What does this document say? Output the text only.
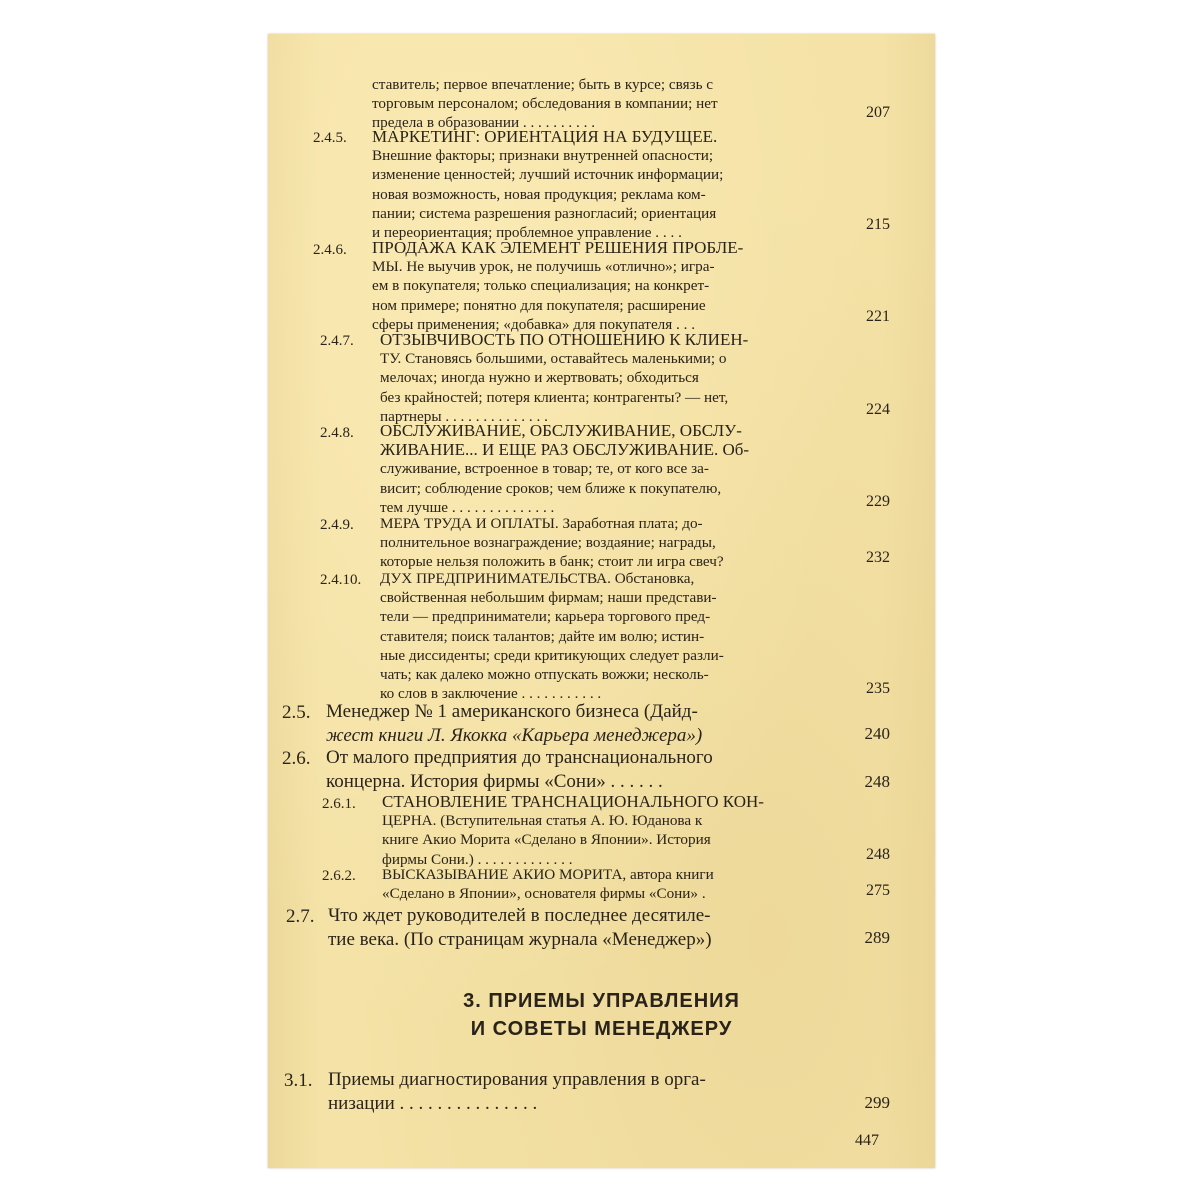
ставитель; первое впечатление; быть в курсе; связь с
торговым персоналом; обследования в компании; нет
предела в образовании . . . . . . . . . .
207
2.4.5. МАРКЕТИНГ: ОРИЕНТАЦИЯ НА БУДУЩЕЕ.
Внешние факторы; признаки внутренней опасности;
изменение ценностей; лучший источник информации;
новая возможность, новая продукция; реклама ком-
пании; система разрешения разногласий; ориентация
и переориентация; проблемное управление . . . .	215
2.4.6. ПРОДАЖА КАК ЭЛЕМЕНТ РЕШЕНИЯ ПРОБЛЕ-
МЫ. Не выучив урок, не получишь «отлично»; игра-
ем в покупателя; только специализация; на конкрет-
ном примере; понятно для покупателя; расширение
сферы применения; «добавка» для покупателя . . .	221
2.4.7. ОТЗЫВЧИВОСТЬ ПО ОТНОШЕНИЮ К КЛИЕН-
ТУ. Становясь большими, оставайтесь маленькими; о
мелочах; иногда нужно и жертвовать; обходиться
без крайностей; потеря клиента; контрагенты? — нет,
партнеры . . . . . . . . . . . . . .	224
2.4.8. ОБСЛУЖИВАНИЕ, ОБСЛУЖИВАНИЕ, ОБСЛУ-
ЖИВАНИЕ... И ЕЩЕ РАЗ ОБСЛУЖИВАНИЕ. Об-
служивание, встроенное в товар; те, от кого все за-
висит; соблюдение сроков; чем ближе к покупателю,
тем лучше . . . . . . . . . . . . . .	229
2.4.9. МЕРА ТРУДА И ОПЛАТЫ. Заработная плата; до-
полнительное вознаграждение; воздаяние; награды,
которые нельзя положить в банк; стоит ли игра свеч?	232
2.4.10. ДУХ ПРЕДПРИНИМАТЕЛЬСТВА. Обстановка,
свойственная небольшим фирмам; наши представи-
тели — предприниматели; карьера торгового пред-
ставителя; поиск талантов; дайте им волю; истин-
ные диссиденты; среди критикующих следует разли-
чать; как далеко можно отпускать вожжи; несколь-
ко слов в заключение . . . . . . . . . . .	235
2.5. Менеджер № 1 американского бизнеса (Дайд-
жест книги Л. Якокка «Карьера менеджера»)	240
2.6. От малого предприятия до транснационального
концерна. История фирмы «Сони» . . . . . .	248
2.6.1. СТАНОВЛЕНИЕ ТРАНСНАЦИОНАЛЬНОГО КОН-
ЦЕРНА. (Вступительная статья А. Ю. Юданова к
книге Акио Морита «Сделано в Японии». История
фирмы Сони.) . . . . . . . . . . . . .	248
2.6.2. ВЫСКАЗЫВАНИЕ АКИО МОРИТА, автора книги
«Сделано в Японии», основателя фирмы «Сони» .	275
2.7. Что ждет руководителей в последнее десятиле-
тие века. (По страницам журнала «Менеджер»)	289
3. ПРИЕМЫ УПРАВЛЕНИЯ
И СОВЕТЫ МЕНЕДЖЕРУ
3.1. Приемы диагностирования управления в орга-
низации . . . . . . . . . . . . . . .	299
447
